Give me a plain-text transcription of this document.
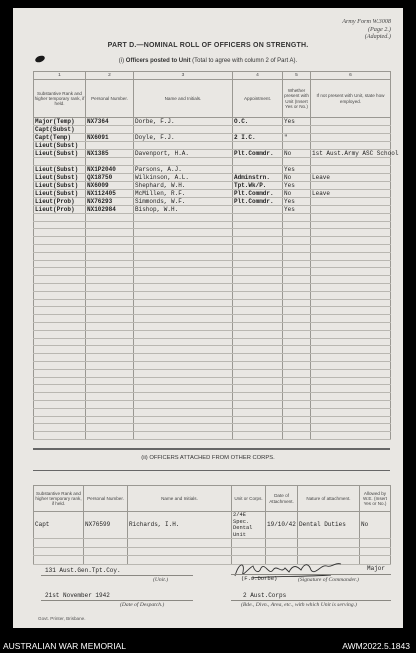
Army Form W.3008
(Page 2.)
(Adapted.)
PART D.—NOMINAL ROLL OF OFFICERS ON STRENGTH.
(i) Officers posted to Unit (Total to agree with column 2 of Part A).
1	2	3	4	5	6
Substantive Rank and higher temporary rank, if held.	Personal Number.	Name and Initials.	Appointment.	Whether present with Unit (Insert Yes or No.)	If not present with Unit, state how employed.
Major(Temp)	NX7364	Dorbe, F.J.	O.C.	Yes	
Capt(Subst)					
Capt(Temp)	NX6091	Doyle, F.J.	2 I.C.	"	
Lieut(Subst)					
Lieut(Subst)	NX1385	Davenport, H.A.	Plt.Commdr.	No	1st Aust.Army ASC School

Lieut(Subst)	NX1P2040	Parsons, A.J.		Yes	
Lieut(Subst)	QX18750	Wilkinson, A.L.	Adminstrn.	No	Leave
Lieut(Subst)	NX6009	Shephard, W.H.	Tpt.Wk/P.	Yes	
Lieut(Subst)	NX112405	McMillen, R.F.	Plt.Commdr.	No	Leave
Lieut(Prob)	NX76293	Simmonds, W.F.	Plt.Commdr.	Yes	
Lieut(Prob)	NX102984	Bishop, W.H.		Yes	

(ii) OFFICERS ATTACHED FROM OTHER CORPS.
Substantive Rank and higher temporary rank, if held.	Personal Number.	Name and Initials.	Unit or Corps.	Date of Attachment.	Nature of attachment.	Allowed by W.E. (Insert Yes or No.)
Capt	NX76599	Richards, I.H.	2/4E Spec. Dental Unit	19/10/42	Dental Duties	No

131 Aust.Gen.Tpt.Coy.
(Unit.)
21st November 1942
(Date of Despatch.)
(F.J.Dorbe)
Major
(Signature of Commander.)
2 Aust.Corps
(Bde., Divn., Area, etc., with which Unit is serving.)
Govt. Printer, Brisbane.
AUSTRALIAN WAR MEMORIAL	AWM2022.5.1843
